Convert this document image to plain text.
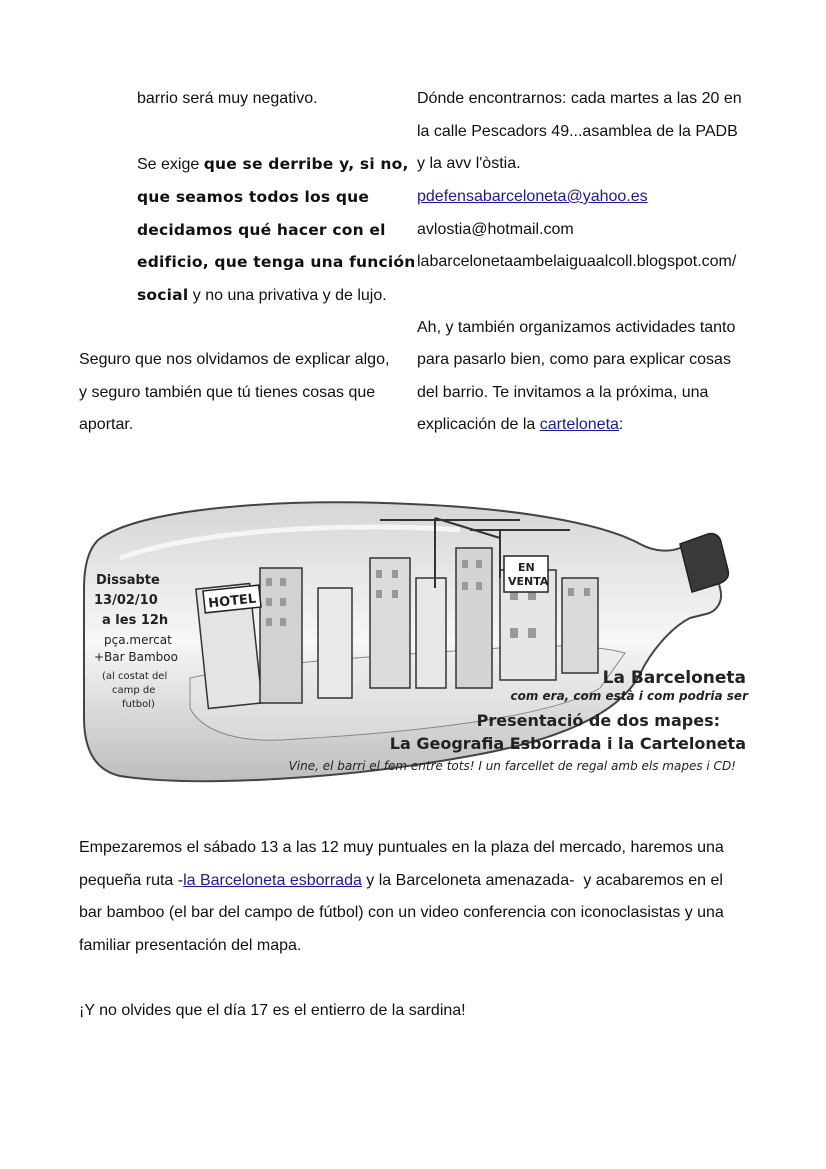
barrio será muy negativo.
Se exige que se derribe y, si no,
que seamos todos los que
decidamos qué hacer con el
edificio, que tenga una función
social y no una privativa y de lujo.
Seguro que nos olvidamos de explicar algo,
y seguro también que tú tienes cosas que
aportar.
Dónde encontrarnos: cada martes a las 20 en
la calle Pescadors 49...asamblea de la PADB
y la avv l'òstia.
pdefensabarceloneta@yahoo.es
avlostia@hotmail.com
labarcelonetaambelaiguaalcoll.blogspot.com/
Ah, y también organizamos actividades tanto
para pasarlo bien, como para explicar cosas
del barrio. Te invitamos a la próxima, una
explicación de la carteloneta:
HOTEL
EN
VENTA
Dissabte
13/02/10
a les 12h
pça.mercat
+Bar Bamboo
(al costat del
camp de
futbol)
La Barceloneta
com era, com està i com podria ser
Presentació de dos mapes:
La Geografia Esborrada i la Carteloneta
Vine, el barri el fem entre tots! I un farcellet de regal amb els mapes i CD!
Empezaremos el sábado 13 a las 12 muy puntuales en la plaza del mercado, haremos una
pequeña ruta -la Barceloneta esborrada y la Barceloneta amenazada-  y acabaremos en el
bar bamboo (el bar del campo de fútbol) con un video conferencia con iconoclasistas y una
familiar presentación del mapa.
¡Y no olvides que el día 17 es el entierro de la sardina!
